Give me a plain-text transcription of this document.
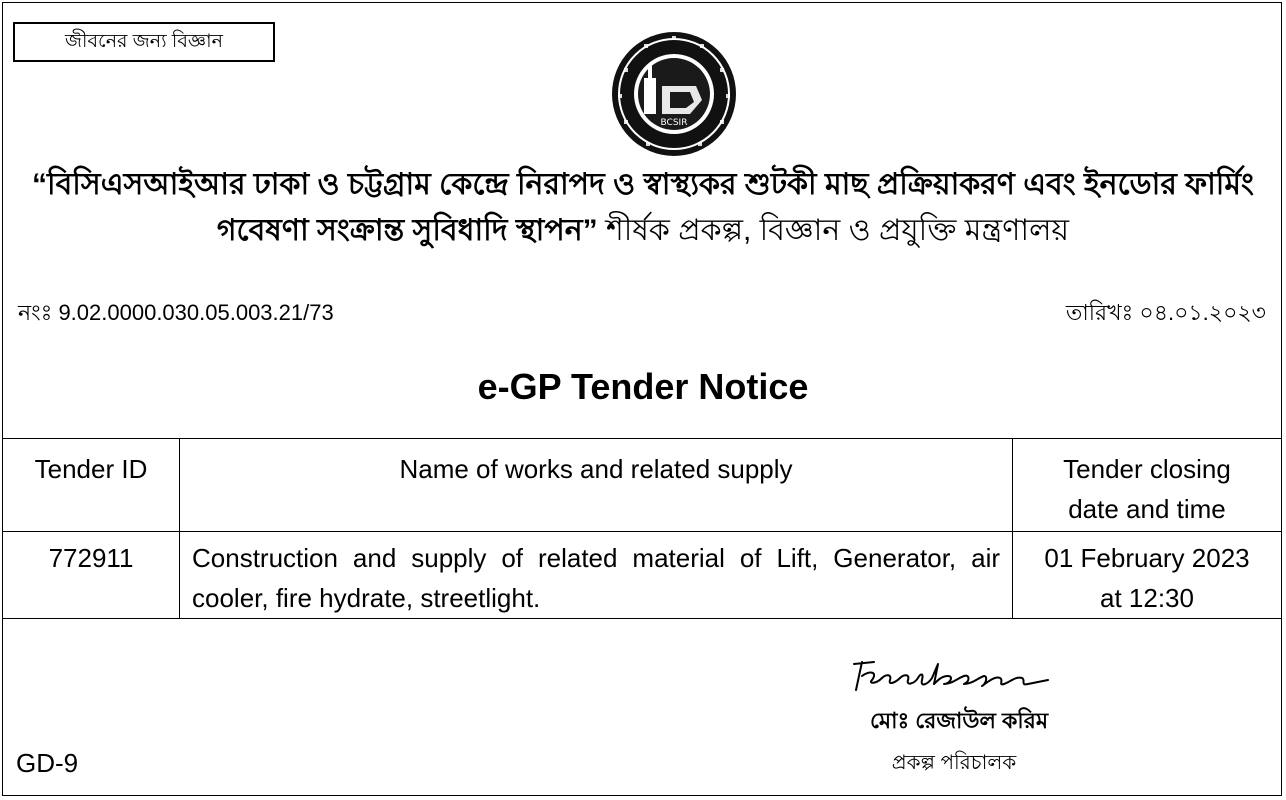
জীবনের জন্য বিজ্ঞান
BCSIR
“বিসিএসআইআর ঢাকা ও চট্টগ্রাম কেন্দ্রে নিরাপদ ও স্বাস্থ্যকর শুটকী মাছ প্রক্রিয়াকরণ এবং ইনডোর ফার্মিং গবেষণা সংক্রান্ত সুবিধাদি স্থাপন” শীর্ষক প্রকল্প, বিজ্ঞান ও প্রযুক্তি মন্ত্রণালয়
নংঃ 9.02.0000.030.05.003.21/73	তারিখঃ ০৪.০১.২০২৩
e-GP Tender Notice
Tender ID	Name of works and related supply	Tender closing
date and time

772911	Construction and supply of related material of Lift, Generator, air cooler, fire hydrate, streetlight.	01 February 2023
at 12:30
মোঃ রেজাউল করিম
প্রকল্প পরিচালক
GD-9
